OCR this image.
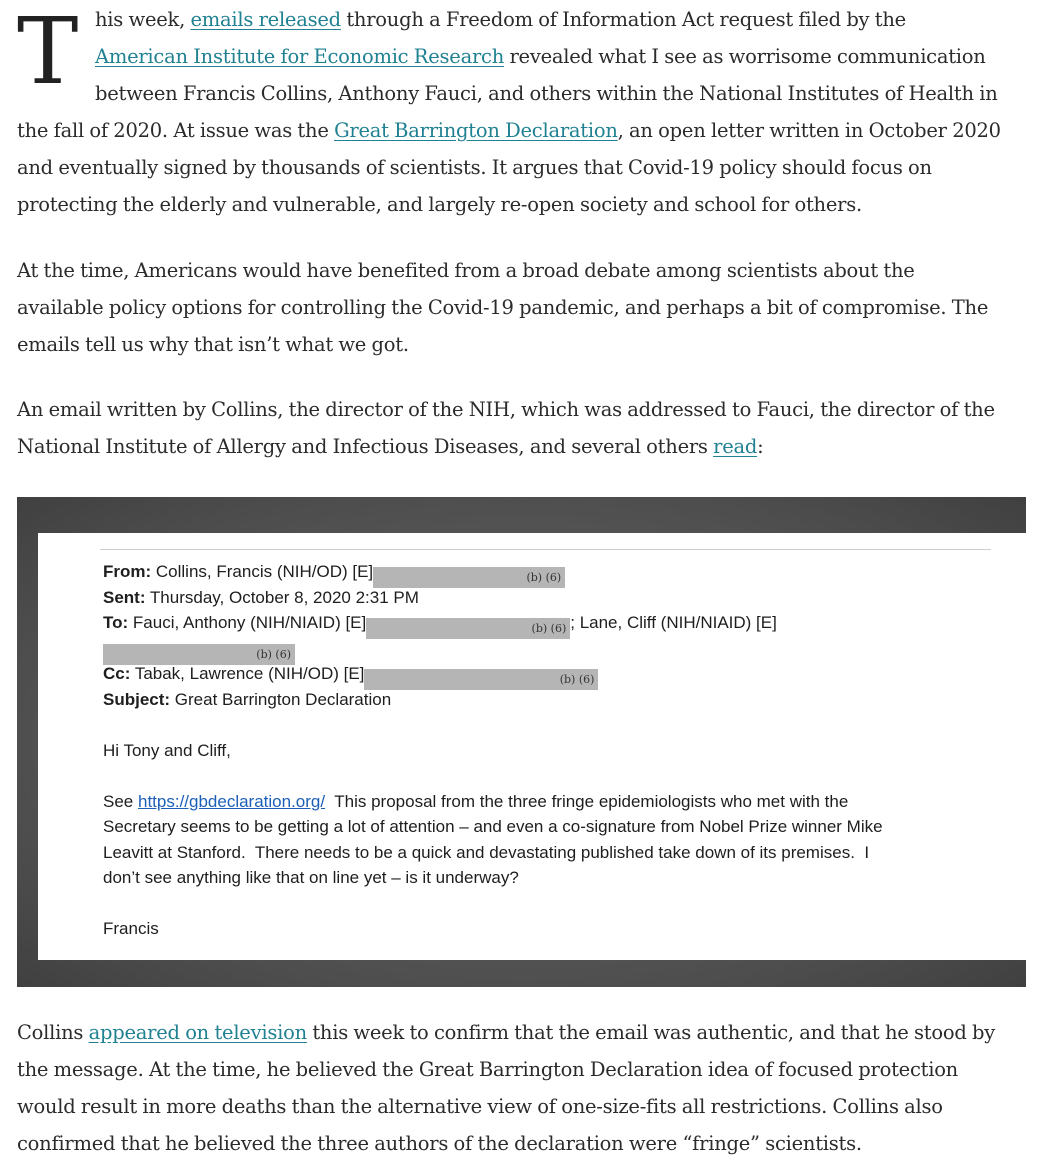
T his week, emails released through a Freedom of Information Act request filed by the
American Institute for Economic Research revealed what I see as worrisome communication
between Francis Collins, Anthony Fauci, and others within the National Institutes of Health in
the fall of 2020. At issue was the Great Barrington Declaration, an open letter written in October 2020
and eventually signed by thousands of scientists. It argues that Covid-19 policy should focus on
protecting the elderly and vulnerable, and largely re-open society and school for others.

At the time, Americans would have benefited from a broad debate among scientists about the
available policy options for controlling the Covid-19 pandemic, and perhaps a bit of compromise. The
emails tell us why that isn’t what we got.

An email written by Collins, the director of the NIH, which was addressed to Fauci, the director of the
National Institute of Allergy and Infectious Diseases, and several others read:

From: Collins, Francis (NIH/OD) [E]	(b) (6)
Sent: Thursday, October 8, 2020 2:31 PM
To: Fauci, Anthony (NIH/NIAID) [E]	(b) (6) ; Lane, Cliff (NIH/NIAID) [E]
(b) (6)
Cc: Tabak, Lawrence (NIH/OD) [E]	(b) (6)
Subject: Great Barrington Declaration
Hi Tony and Cliff,
See https://gbdeclaration.org/  This proposal from the three fringe epidemiologists who met with the
Secretary seems to be getting a lot of attention – and even a co-signature from Nobel Prize winner Mike
Leavitt at Stanford.  There needs to be a quick and devastating published take down of its premises.  I
don’t see anything like that on line yet – is it underway?
Francis

Collins appeared on television this week to confirm that the email was authentic, and that he stood by
the message. At the time, he believed the Great Barrington Declaration idea of focused protection
would result in more deaths than the alternative view of one-size-fits all restrictions. Collins also
confirmed that he believed the three authors of the declaration were “fringe” scientists.
